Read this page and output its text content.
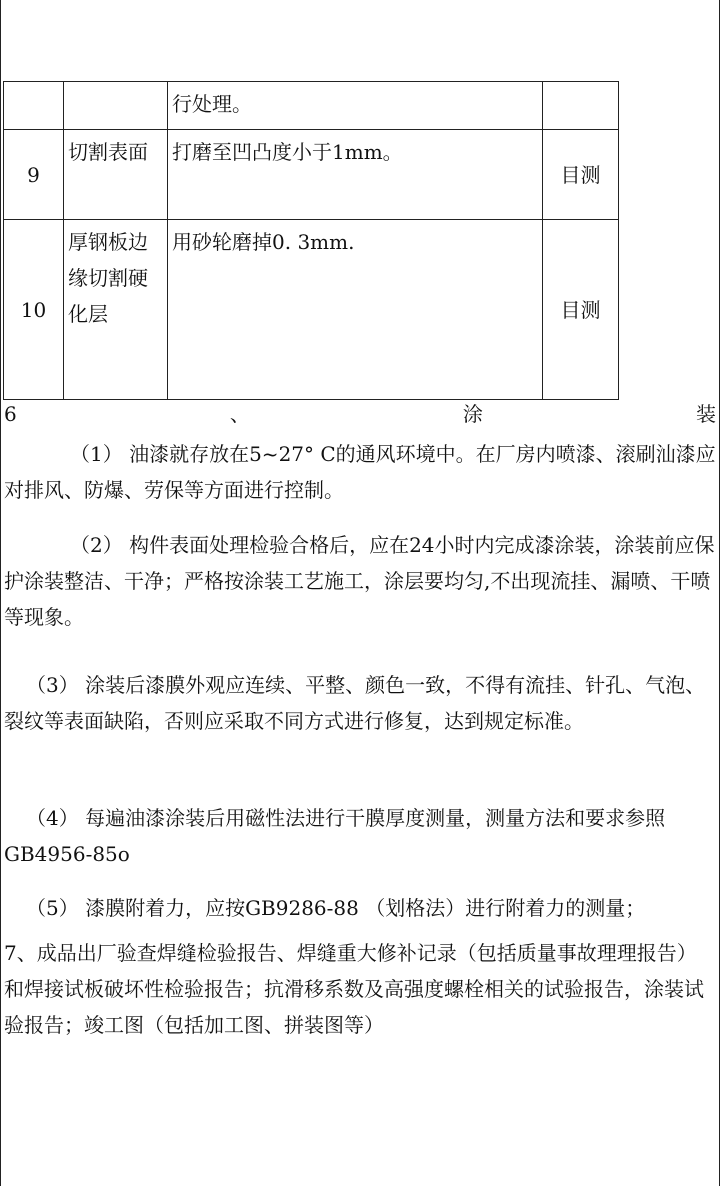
		行处理。	
9	切割表面	打磨至凹凸度小于1mm。	目测
10	厚钢板边缘切割硬化层	用砂轮磨掉0. 3mm.	目测
6	、	涂	装

（1） 油漆就存放在5~27° C的通风环境中。在厂房内喷漆、滚刷汕漆应对排风、防爆、劳保等方面进行控制。

（2） 构件表面处理检验合格后，应在24小时内完成漆涂装，涂装前应保护涂装整洁、干净；严格按涂装工艺施工，涂层要均匀,不出现流挂、漏喷、干喷等现象。

（3） 涂装后漆膜外观应连续、平整、颜色一致，不得有流挂、针孔、气泡、裂纹等表面缺陷，否则应采取不同方式进行修复，达到规定标准。

（4） 每遍油漆涂装后用磁性法进行干膜厚度测量，测量方法和要求参照 GB4956-85o

（5） 漆膜附着力，应按GB9286-88 （划格法）进行附着力的测量；

7、成品出厂验查焊缝检验报告、焊缝重大修补记录（包括质量事故理理报告）和焊接试板破坏性检验报告；抗滑移系数及高强度螺栓相关的试验报告，涂装试验报告；竣工图（包括加工图、拼装图等）
